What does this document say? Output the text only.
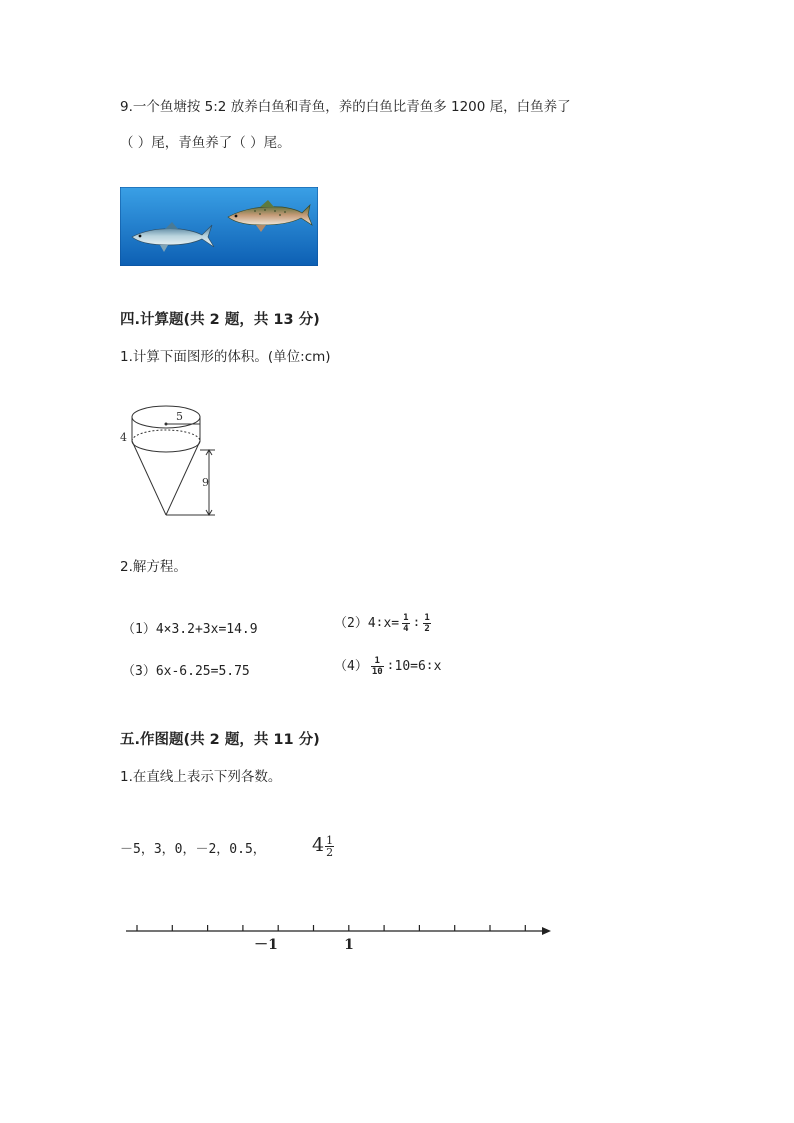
9.一个鱼塘按 5:2 放养白鱼和青鱼，养的白鱼比青鱼多 1200 尾，白鱼养了
（ ）尾，青鱼养了（ ）尾。
四.计算题(共 2 题，共 13 分)
1.计算下面图形的体积。(单位:cm)
5
4
9
2.解方程。
（1）4×3.2+3x=14.9	（2）4∶x= $\frac{1}{4}$ ∶ $\frac{1}{2}$
（3）6x-6.25=5.75	$(4) \frac{1}{10}$ ∶10=6∶x
五.作图题(共 2 题，共 11 分)
1.在直线上表示下列各数。
－5，3，0，－2，0.5， $4 \frac{1}{2}$
－1	1
